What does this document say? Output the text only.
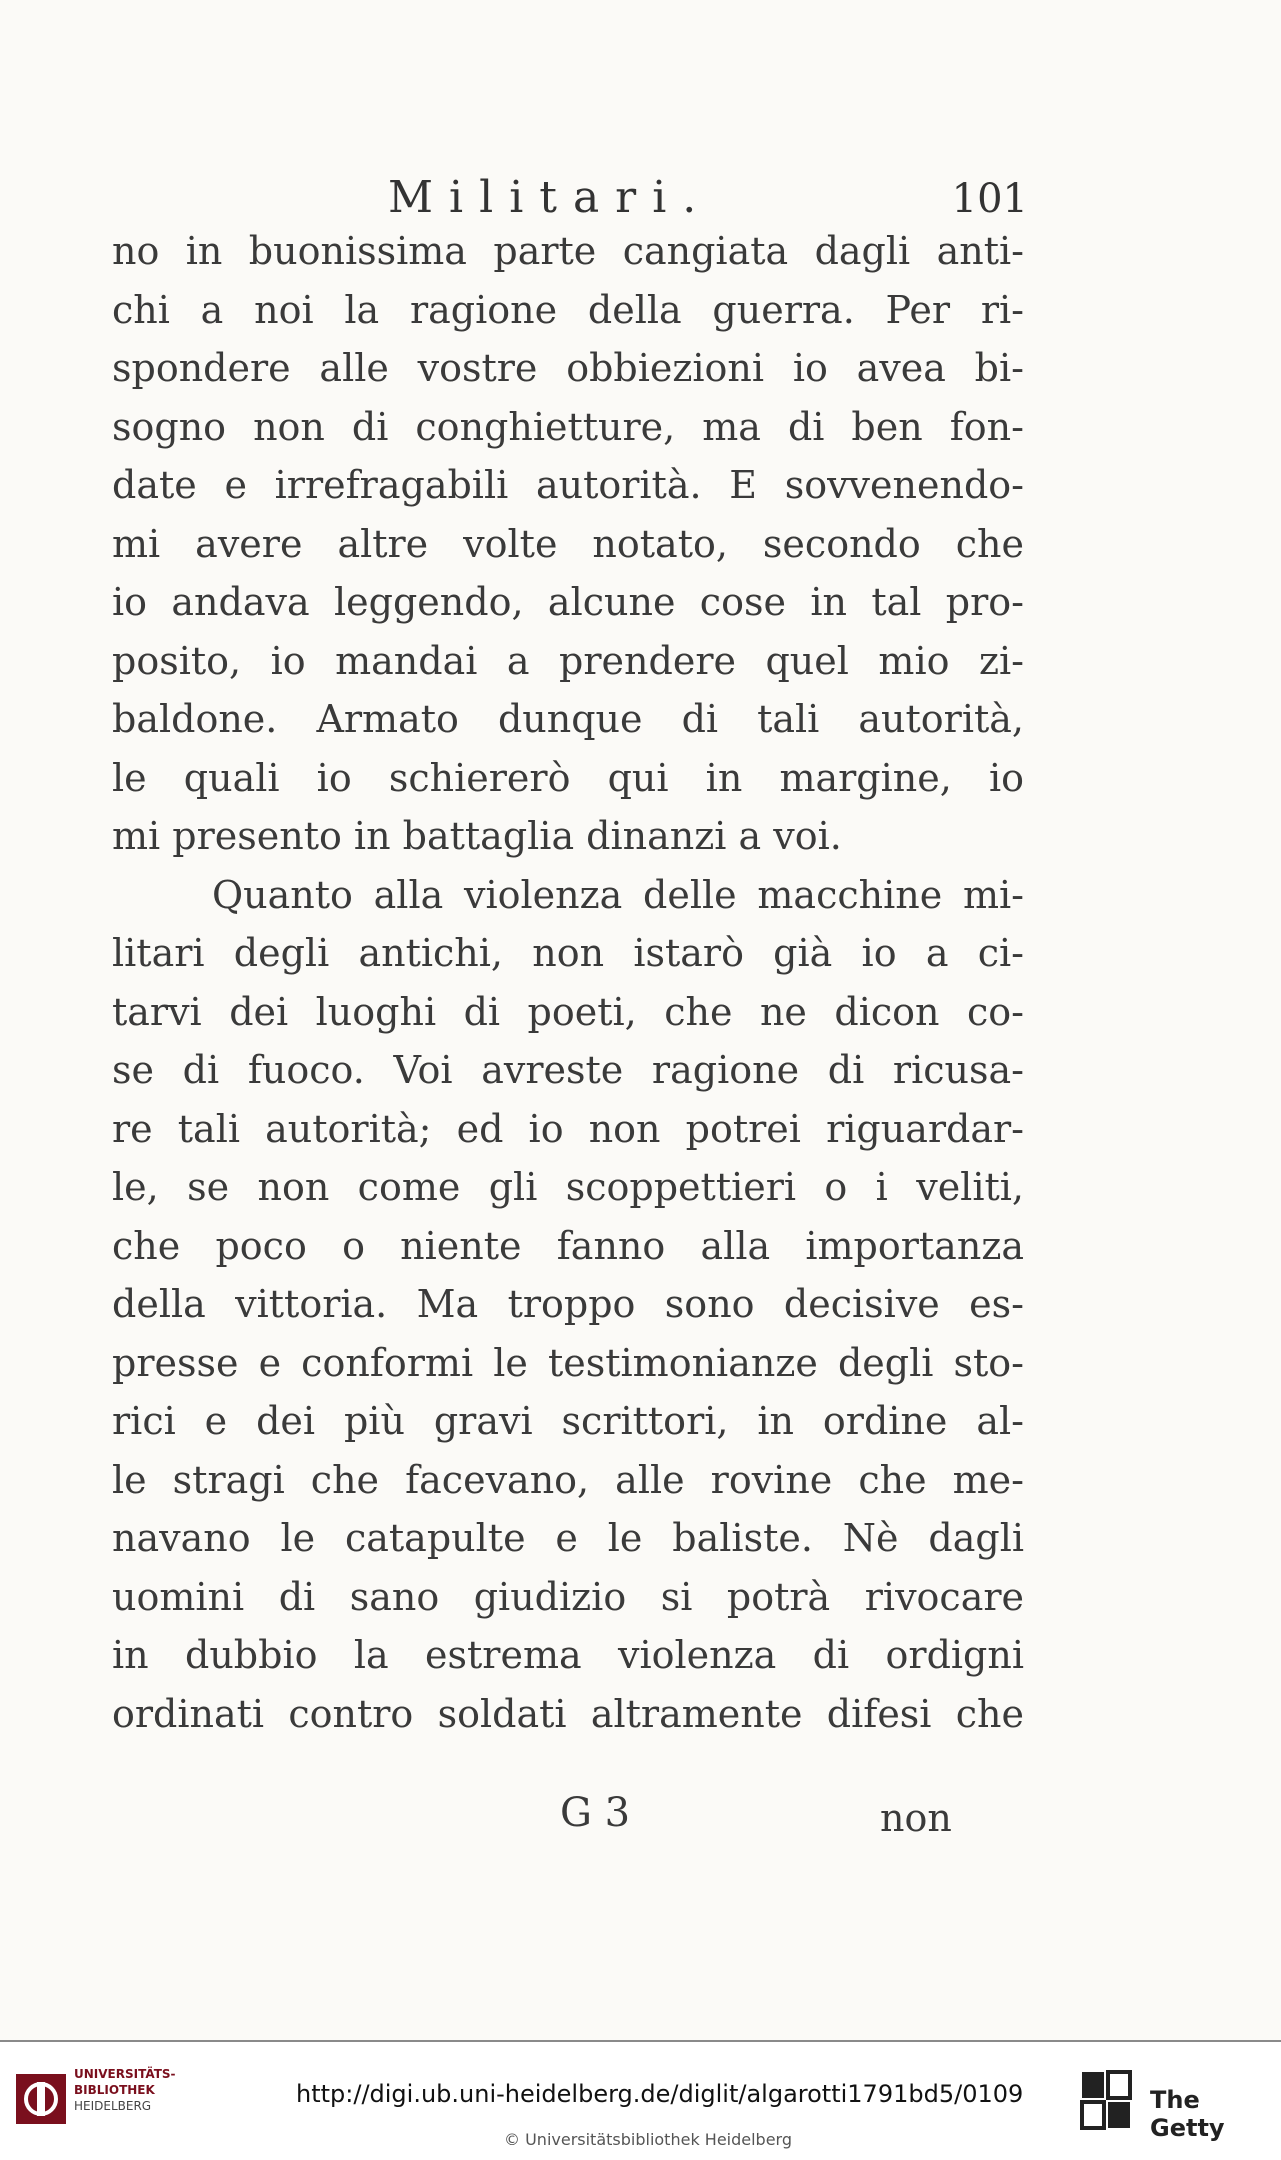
Militari.	101
no in buonissima parte cangiata dagli anti-
chi a noi la ragione della guerra. Per ri-
spondere alle vostre obbiezioni io avea bi-
sogno non di conghietture, ma di ben fon-
date e irrefragabili autorità. E sovvenendo-
mi avere altre volte notato, secondo che
io andava leggendo, alcune cose in tal pro-
posito, io mandai a prendere quel mio zi-
baldone. Armato dunque di tali autorità,
le quali io schiererò qui in margine, io
mi presento in battaglia dinanzi a voi.
Quanto alla violenza delle macchine mi-
litari degli antichi, non istarò già io a ci-
tarvi dei luoghi di poeti, che ne dicon co-
se di fuoco. Voi avreste ragione di ricusa-
re tali autorità; ed io non potrei riguardar-
le, se non come gli scoppettieri o i veliti,
che poco o niente fanno alla importanza
della vittoria. Ma troppo sono decisive es-
presse e conformi le testimonianze degli sto-
rici e dei più gravi scrittori, in ordine al-
le stragi che facevano, alle rovine che me-
navano le catapulte e le baliste. Nè dagli
uomini di sano giudizio si potrà rivocare
in dubbio la estrema violenza di ordigni
ordinati contro soldati altramente difesi che
G 3	non
UNIVERSITÄTS-
BIBLIOTHEK
HEIDELBERG	http://digi.ub.uni-heidelberg.de/diglit/algarotti1791bd5/0109
© Universitätsbibliothek Heidelberg
The Getty
